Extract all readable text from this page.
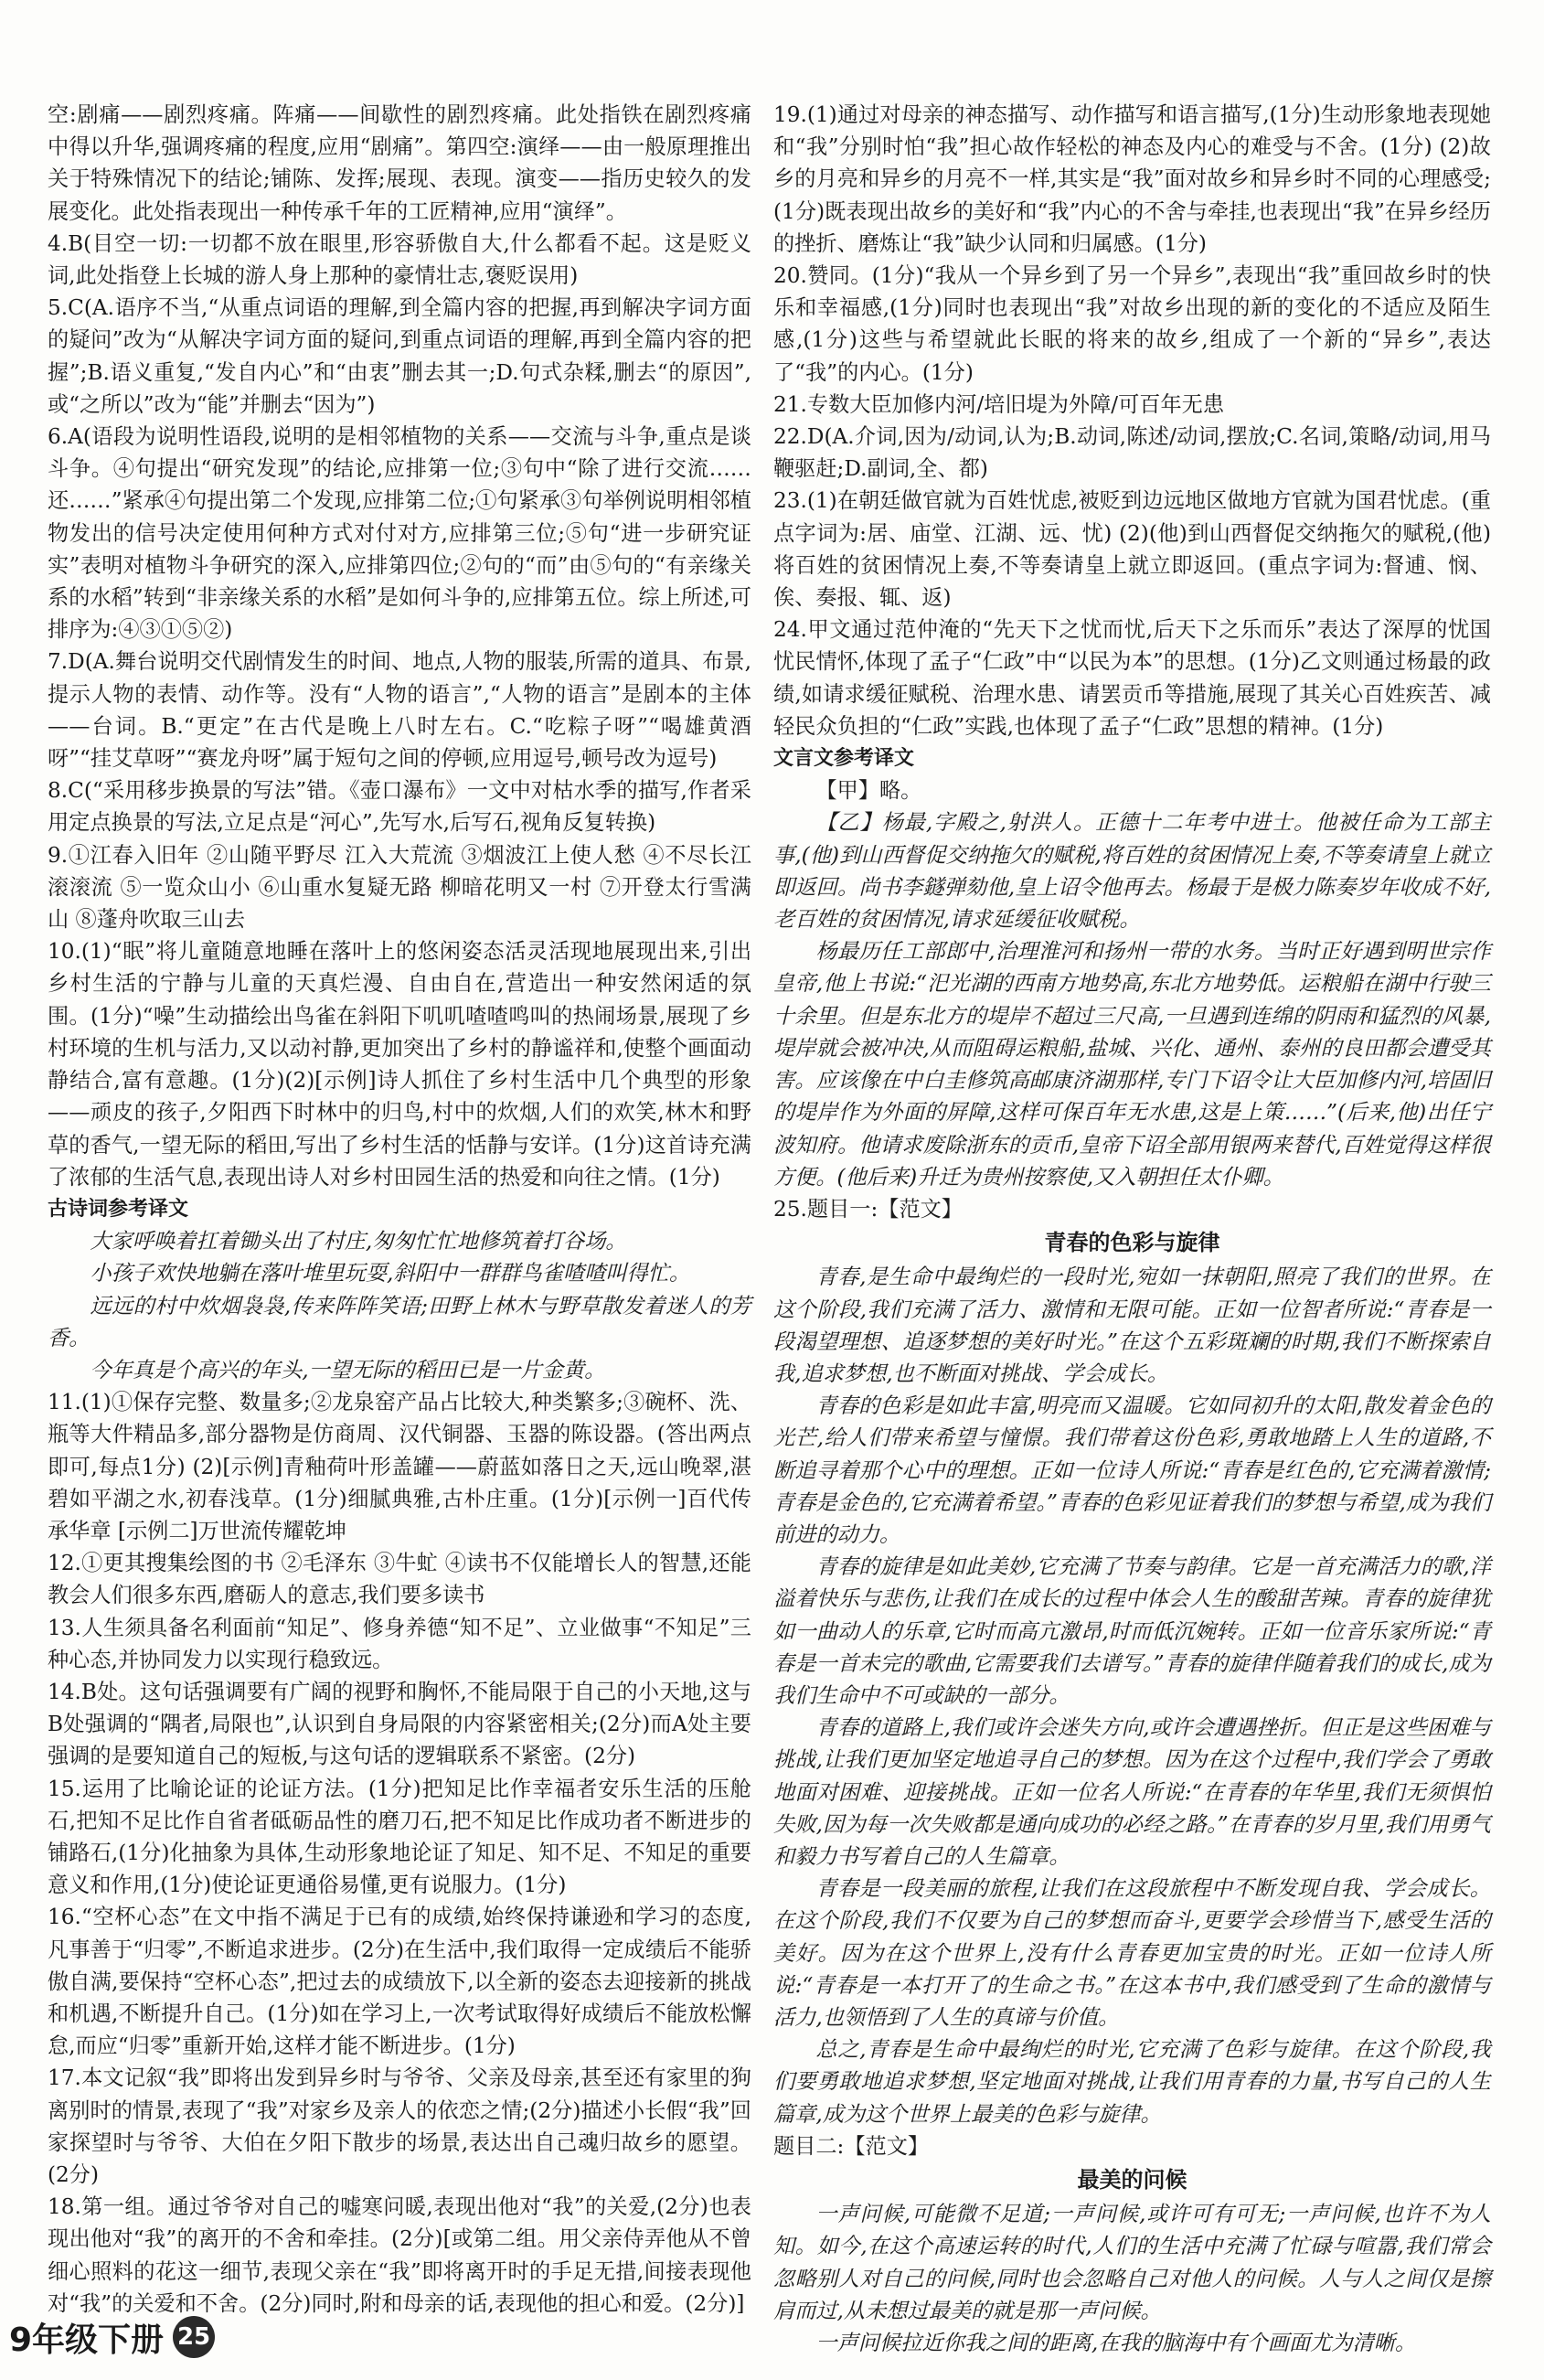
空:剧痛——剧烈疼痛。阵痛——间歇性的剧烈疼痛。此处指铁在剧烈疼痛中得以升华,强调疼痛的程度,应用“剧痛”。第四空:演绎——由一般原理推出关于特殊情况下的结论;铺陈、发挥;展现、表现。演变——指历史较久的发展变化。此处指表现出一种传承千年的工匠精神,应用“演绎”。

4.B(目空一切:一切都不放在眼里,形容骄傲自大,什么都看不起。这是贬义词,此处指登上长城的游人身上那种的豪情壮志,褒贬误用)

5.C(A.语序不当,“从重点词语的理解,到全篇内容的把握,再到解决字词方面的疑问”改为“从解决字词方面的疑问,到重点词语的理解,再到全篇内容的把握”;B.语义重复,“发自内心”和“由衷”删去其一;D.句式杂糅,删去“的原因”,或“之所以”改为“能”并删去“因为”)

6.A(语段为说明性语段,说明的是相邻植物的关系——交流与斗争,重点是谈斗争。④句提出“研究发现”的结论,应排第一位;③句中“除了进行交流……还……”紧承④句提出第二个发现,应排第二位;①句紧承③句举例说明相邻植物发出的信号决定使用何种方式对付对方,应排第三位;⑤句“进一步研究证实”表明对植物斗争研究的深入,应排第四位;②句的“而”由⑤句的“有亲缘关系的水稻”转到“非亲缘关系的水稻”是如何斗争的,应排第五位。综上所述,可排序为:④③①⑤②)

7.D(A.舞台说明交代剧情发生的时间、地点,人物的服装,所需的道具、布景,提示人物的表情、动作等。没有“人物的语言”,“人物的语言”是剧本的主体——台词。B.“更定”在古代是晚上八时左右。C.“吃粽子呀”“喝雄黄酒呀”“挂艾草呀”“赛龙舟呀”属于短句之间的停顿,应用逗号,顿号改为逗号)

8.C(“采用移步换景的写法”错。《壶口瀑布》一文中对枯水季的描写,作者采用定点换景的写法,立足点是“河心”,先写水,后写石,视角反复转换)

9.①江春入旧年 ②山随平野尽 江入大荒流 ③烟波江上使人愁 ④不尽长江滚滚流 ⑤一览众山小 ⑥山重水复疑无路 柳暗花明又一村 ⑦开登太行雪满山 ⑧蓬舟吹取三山去

10.(1)“眠”将儿童随意地睡在落叶上的悠闲姿态活灵活现地展现出来,引出乡村生活的宁静与儿童的天真烂漫、自由自在,营造出一种安然闲适的氛围。(1分)“噪”生动描绘出鸟雀在斜阳下叽叽喳喳鸣叫的热闹场景,展现了乡村环境的生机与活力,又以动衬静,更加突出了乡村的静谧祥和,使整个画面动静结合,富有意趣。(1分)(2)[示例]诗人抓住了乡村生活中几个典型的形象——顽皮的孩子,夕阳西下时林中的归鸟,村中的炊烟,人们的欢笑,林木和野草的香气,一望无际的稻田,写出了乡村生活的恬静与安详。(1分)这首诗充满了浓郁的生活气息,表现出诗人对乡村田园生活的热爱和向往之情。(1分)

古诗词参考译文

大家呼唤着扛着锄头出了村庄,匆匆忙忙地修筑着打谷场。

小孩子欢快地躺在落叶堆里玩耍,斜阳中一群群鸟雀喳喳叫得忙。

远远的村中炊烟袅袅,传来阵阵笑语;田野上林木与野草散发着迷人的芳香。

今年真是个高兴的年头,一望无际的稻田已是一片金黄。

11.(1)①保存完整、数量多;②龙泉窑产品占比较大,种类繁多;③碗杯、洗、瓶等大件精品多,部分器物是仿商周、汉代铜器、玉器的陈设器。(答出两点即可,每点1分) (2)[示例]青釉荷叶形盖罐——蔚蓝如落日之天,远山晚翠,湛碧如平湖之水,初春浅草。(1分)细腻典雅,古朴庄重。(1分)[示例一]百代传承华章 [示例二]万世流传耀乾坤

12.①更其搜集绘图的书 ②毛泽东 ③牛虻 ④读书不仅能增长人的智慧,还能教会人们很多东西,磨砺人的意志,我们要多读书

13.人生须具备名利面前“知足”、修身养德“知不足”、立业做事“不知足”三种心态,并协同发力以实现行稳致远。

14.B处。这句话强调要有广阔的视野和胸怀,不能局限于自己的小天地,这与B处强调的“隅者,局限也”,认识到自身局限的内容紧密相关;(2分)而A处主要强调的是要知道自己的短板,与这句话的逻辑联系不紧密。(2分)

15.运用了比喻论证的论证方法。(1分)把知足比作幸福者安乐生活的压舱石,把知不足比作自省者砥砺品性的磨刀石,把不知足比作成功者不断进步的铺路石,(1分)化抽象为具体,生动形象地论证了知足、知不足、不知足的重要意义和作用,(1分)使论证更通俗易懂,更有说服力。(1分)

16.“空杯心态”在文中指不满足于已有的成绩,始终保持谦逊和学习的态度,凡事善于“归零”,不断追求进步。(2分)在生活中,我们取得一定成绩后不能骄傲自满,要保持“空杯心态”,把过去的成绩放下,以全新的姿态去迎接新的挑战和机遇,不断提升自己。(1分)如在学习上,一次考试取得好成绩后不能放松懈怠,而应“归零”重新开始,这样才能不断进步。(1分)

17.本文记叙“我”即将出发到异乡时与爷爷、父亲及母亲,甚至还有家里的狗离别时的情景,表现了“我”对家乡及亲人的依恋之情;(2分)描述小长假“我”回家探望时与爷爷、大伯在夕阳下散步的场景,表达出自己魂归故乡的愿望。(2分)

18.第一组。通过爷爷对自己的嘘寒问暖,表现出他对“我”的关爱,(2分)也表现出他对“我”的离开的不舍和牵挂。(2分)[或第二组。用父亲侍弄他从不曾细心照料的花这一细节,表现父亲在“我”即将离开时的手足无措,间接表现他对“我”的关爱和不舍。(2分)同时,附和母亲的话,表现他的担心和爱。(2分)]

19.(1)通过对母亲的神态描写、动作描写和语言描写,(1分)生动形象地表现她和“我”分别时怕“我”担心故作轻松的神态及内心的难受与不舍。(1分) (2)故乡的月亮和异乡的月亮不一样,其实是“我”面对故乡和异乡时不同的心理感受;(1分)既表现出故乡的美好和“我”内心的不舍与牵挂,也表现出“我”在异乡经历的挫折、磨炼让“我”缺少认同和归属感。(1分)

20.赞同。(1分)“我从一个异乡到了另一个异乡”,表现出“我”重回故乡时的快乐和幸福感,(1分)同时也表现出“我”对故乡出现的新的变化的不适应及陌生感,(1分)这些与希望就此长眠的将来的故乡,组成了一个新的“异乡”,表达了“我”的内心。(1分)

21.专数大臣加修内河/培旧堤为外障/可百年无患

22.D(A.介词,因为/动词,认为;B.动词,陈述/动词,摆放;C.名词,策略/动词,用马鞭驱赶;D.副词,全、都)

23.(1)在朝廷做官就为百姓忧虑,被贬到边远地区做地方官就为国君忧虑。(重点字词为:居、庙堂、江湖、远、忧) (2)(他)到山西督促交纳拖欠的赋税,(他)将百姓的贫困情况上奏,不等奏请皇上就立即返回。(重点字词为:督逋、悯、俟、奏报、辄、返)

24.甲文通过范仲淹的“先天下之忧而忧,后天下之乐而乐”表达了深厚的忧国忧民情怀,体现了孟子“仁政”中“以民为本”的思想。(1分)乙文则通过杨最的政绩,如请求缓征赋税、治理水患、请罢贡币等措施,展现了其关心百姓疾苦、减轻民众负担的“仁政”实践,也体现了孟子“仁政”思想的精神。(1分)

文言文参考译文

【甲】略。

【乙】杨最,字殿之,射洪人。正德十二年考中进士。他被任命为工部主事,(他)到山西督促交纳拖欠的赋税,将百姓的贫困情况上奏,不等奏请皇上就立即返回。尚书李鐩弹劾他,皇上诏令他再去。杨最于是极力陈奏岁年收成不好,老百姓的贫困情况,请求延缓征收赋税。

杨最历任工部郎中,治理淮河和扬州一带的水务。当时正好遇到明世宗作皇帝,他上书说:“汜光湖的西南方地势高,东北方地势低。运粮船在湖中行驶三十余里。但是东北方的堤岸不超过三尺高,一旦遇到连绵的阴雨和猛烈的风暴,堤岸就会被冲决,从而阻碍运粮船,盐城、兴化、通州、泰州的良田都会遭受其害。应该像在中白圭修筑高邮康济湖那样,专门下诏令让大臣加修内河,培固旧的堤岸作为外面的屏障,这样可保百年无水患,这是上策……”(后来,他)出任宁波知府。他请求废除浙东的贡币,皇帝下诏全部用银两来替代,百姓觉得这样很方便。(他后来)升迁为贵州按察使,又入朝担任太仆卿。

25.题目一:【范文】

青春的色彩与旋律

青春,是生命中最绚烂的一段时光,宛如一抹朝阳,照亮了我们的世界。在这个阶段,我们充满了活力、激情和无限可能。正如一位智者所说:“青春是一段渴望理想、追逐梦想的美好时光。”在这个五彩斑斓的时期,我们不断探索自我,追求梦想,也不断面对挑战、学会成长。

青春的色彩是如此丰富,明亮而又温暖。它如同初升的太阳,散发着金色的光芒,给人们带来希望与憧憬。我们带着这份色彩,勇敢地踏上人生的道路,不断追寻着那个心中的理想。正如一位诗人所说:“青春是红色的,它充满着激情;青春是金色的,它充满着希望。”青春的色彩见证着我们的梦想与希望,成为我们前进的动力。

青春的旋律是如此美妙,它充满了节奏与韵律。它是一首充满活力的歌,洋溢着快乐与悲伤,让我们在成长的过程中体会人生的酸甜苦辣。青春的旋律犹如一曲动人的乐章,它时而高亢激昂,时而低沉婉转。正如一位音乐家所说:“青春是一首未完的歌曲,它需要我们去谱写。”青春的旋律伴随着我们的成长,成为我们生命中不可或缺的一部分。

青春的道路上,我们或许会迷失方向,或许会遭遇挫折。但正是这些困难与挑战,让我们更加坚定地追寻自己的梦想。因为在这个过程中,我们学会了勇敢地面对困难、迎接挑战。正如一位名人所说:“在青春的年华里,我们无须惧怕失败,因为每一次失败都是通向成功的必经之路。”在青春的岁月里,我们用勇气和毅力书写着自己的人生篇章。

青春是一段美丽的旅程,让我们在这段旅程中不断发现自我、学会成长。在这个阶段,我们不仅要为自己的梦想而奋斗,更要学会珍惜当下,感受生活的美好。因为在这个世界上,没有什么青春更加宝贵的时光。正如一位诗人所说:“青春是一本打开了的生命之书。”在这本书中,我们感受到了生命的激情与活力,也领悟到了人生的真谛与价值。

总之,青春是生命中最绚烂的时光,它充满了色彩与旋律。在这个阶段,我们要勇敢地追求梦想,坚定地面对挑战,让我们用青春的力量,书写自己的人生篇章,成为这个世界上最美的色彩与旋律。

题目二:【范文】

最美的问候

一声问候,可能微不足道;一声问候,或许可有可无;一声问候,也许不为人知。如今,在这个高速运转的时代,人们的生活中充满了忙碌与喧嚣,我们常会忽略别人对自己的问候,同时也会忽略自己对他人的问候。人与人之间仅是擦肩而过,从未想过最美的就是那一声问候。

一声问候拉近你我之间的距离,在我的脑海中有个画面尤为清晰。

9年级下册 25
